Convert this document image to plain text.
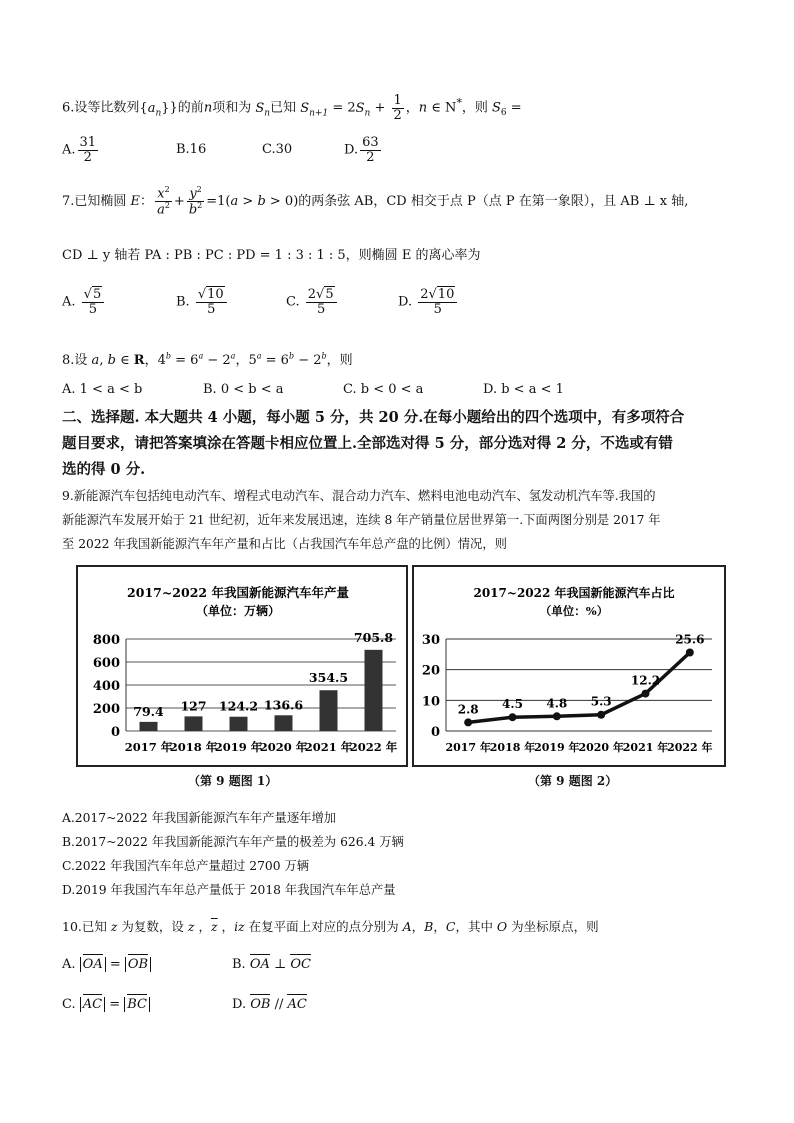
6.设等比数列$\{a_n\}$}的前n项和为 $S_n$已知 $S_{n+1} = 2S_n + \frac{1}{2}$ ，n ∈ N*，则 $S_6$ =
A. $\frac{31}{2}$	B.16	C.30	D. $\frac{63}{2}$
7.已知椭圆 E： $\frac{x^2}{a^2} + \frac{y^2}{b^2} =1(a > b > 0)$的两条弦 AB，CD 相交于点 P（点 P 在第一象限），且 AB ⊥ x 轴,
CD ⊥ y 轴若 PA : PB : PC : PD = 1 : 3 : 1 : 5，则椭圆 E 的离心率为
A. $\frac{√5}{5}$	B. $\frac{√10}{5}$	C. $\frac{2√5}{5}$	D. $\frac{2√10}{5}$
8.设 a, b ∈ R，$4^b = 6^a - 2^a$，$5^a = 6^b - 2^b$，则
A. 1 < a < b	B. 0 < b < a	C. b < 0 < a	D. b < a < 1
二、选择题. 本大题共 4 小题，每小题 5 分，共 20 分.在每小题给出的四个选项中，有多项符合
题目要求，请把答案填涂在答题卡相应位置上.全部选对得 5 分，部分选对得 2 分，不选或有错
选的得 0 分.
9.新能源汽车包括纯电动汽车、增程式电动汽车、混合动力汽车、燃料电池电动汽车、氢发动机汽车等.我国的
新能源汽车发展开始于 21 世纪初，近年来发展迅速，连续 8 年产销量位居世界第一.下面两图分别是 2017 年
至 2022 年我国新能源汽车年产量和占比（占我国汽车年总产盘的比例）情况，则
2017~2022 年我国新能源汽车年产量
（单位：万辆）
0
200
400
600
800
79.4
2017 年
127
2018 年
124.2
2019 年
136.6
2020 年
354.5
2021 年
705.8
2022 年
（第 9 题图 1）
2017~2022 年我国新能源汽车占比
（单位：%）
0
10
20
30
2.8
2017 年
4.5
2018 年
4.8
2019 年
5.3
2020 年
12.2
2021 年
25.6
2022 年
（第 9 题图 2）
A.2017~2022 年我国新能源汽车年产量逐年增加
B.2017~2022 年我国新能源汽车年产量的极差为 626.4 万辆
C.2022 年我国汽车年总产量超过 2700 万辆
D.2019 年我国汽车年总产量低于 2018 年我国汽车年总产量
10.已知 z 为复数，设 z ，$\overline{z}$ ，iz 在复平面上对应的点分别为 A，B，C，其中 O 为坐标原点，则
A. OA = OB	B. OA ⊥ OC
C. AC = BC	D. OB // AC
